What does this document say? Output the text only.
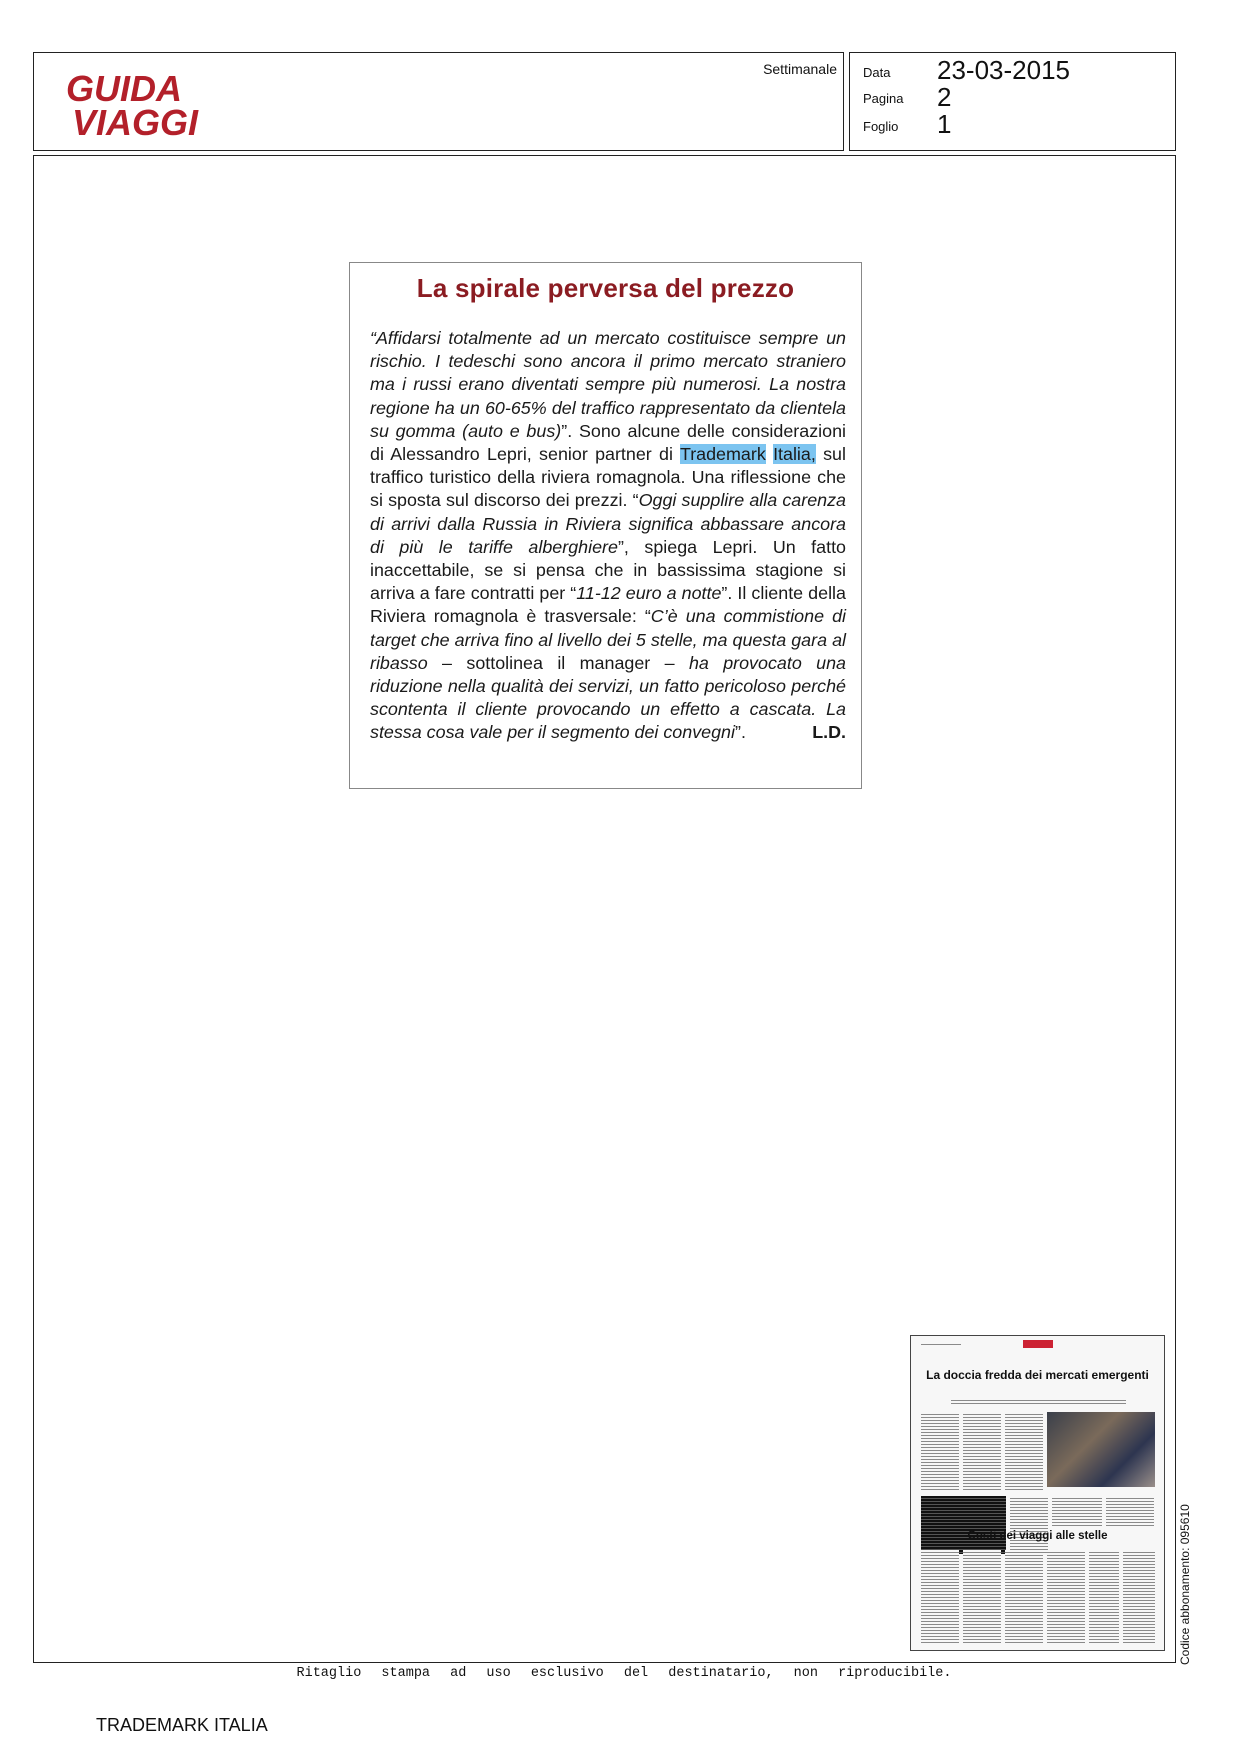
GUIDA
VIAGGI
Settimanale Data 23-03-2015
Pagina 2
Foglio 1
La spirale perversa del prezzo

“Affidarsi totalmente ad un mercato costituisce sempre un rischio. I tedeschi sono ancora il primo mercato straniero ma i russi erano diventati sempre più numerosi. La nostra regione ha un 60-65% del traffico rappresentato da clientela su gomma (auto e bus)”. Sono alcune delle considerazioni di Alessandro Lepri, senior partner di Trademark Italia, sul traffico turistico della riviera romagnola. Una riflessione che si sposta sul discorso dei prezzi. “Oggi supplire alla carenza di arrivi dalla Russia in Riviera significa abbassare ancora di più le tariffe alberghiere”, spiega Lepri. Un fatto inaccettabile, se si pensa che in bassissima stagione si arriva a fare contratti per “11-12 euro a notte”. Il cliente della Riviera romagnola è trasversale: “C’è una commistione di target che arriva fino al livello dei 5 stelle, ma questa gara al ribasso – sottolinea il manager – ha provocato una riduzione nella qualità dei servizi, un fatto pericoloso perché scontenta il cliente provocando un effetto a cascata. La stessa cosa vale per il segmento dei convegni”.	L.D.

La doccia fredda dei mercati emergenti
Costi dei viaggi alle stelle	Codice abbonamento: 095610
Ritaglio stampa ad uso esclusivo del destinatario, non riproducibile.
TRADEMARK ITALIA
